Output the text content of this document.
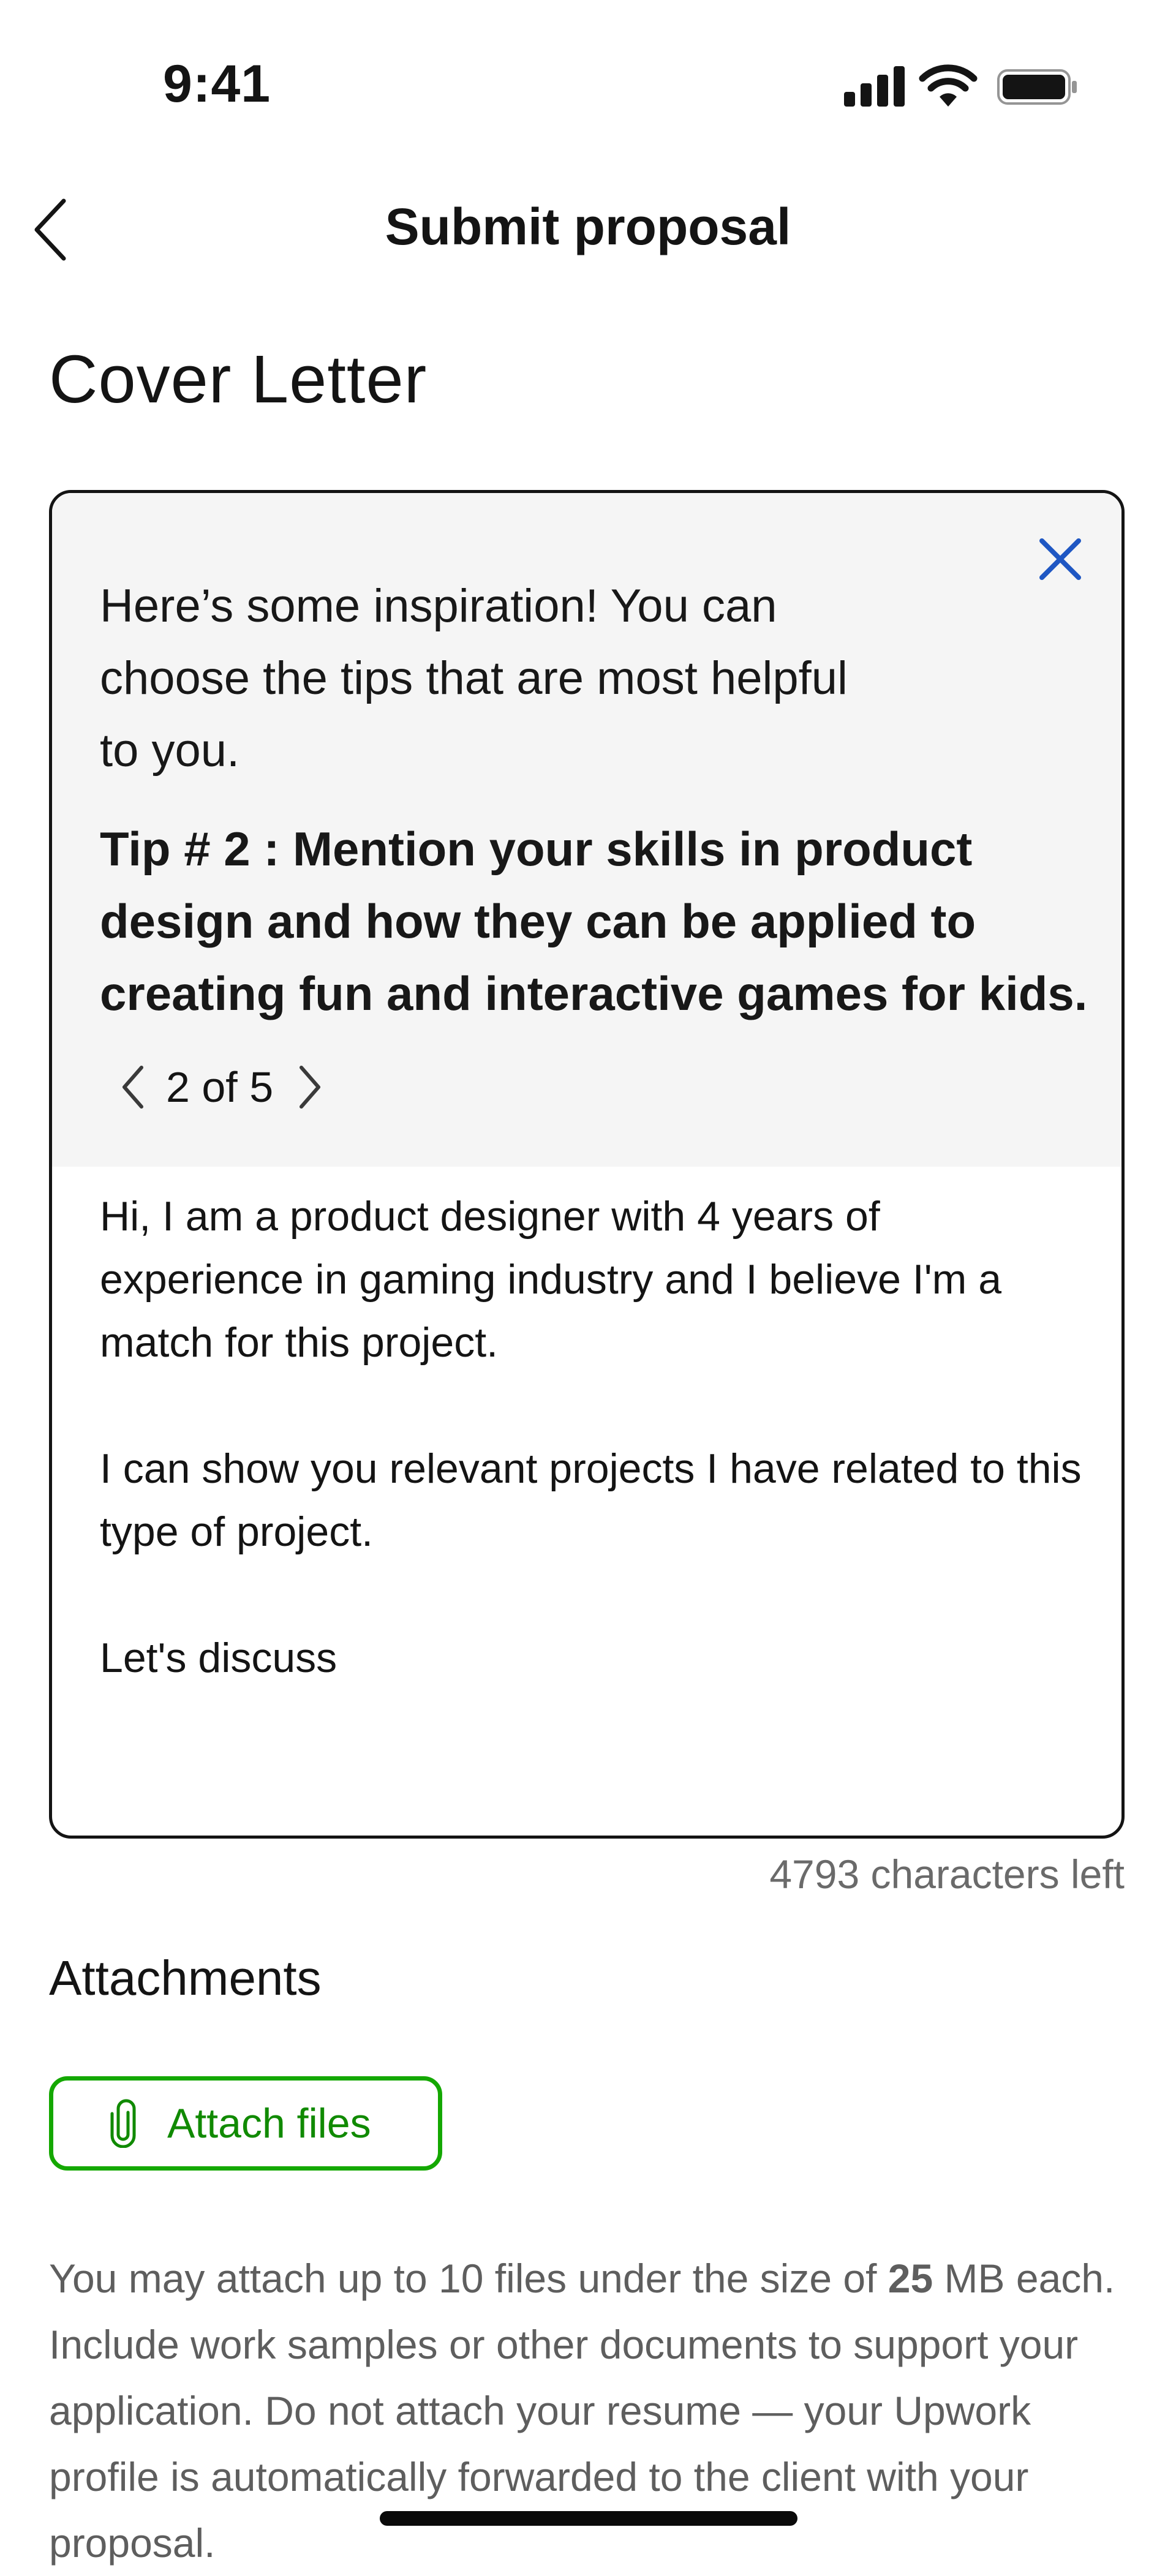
9:41
Submit proposal
Cover Letter
Here’s some inspiration! You can choose the tips that are most helpful to you.
Tip # 2 : Mention your skills in product design and how they can be applied to creating fun and interactive games for kids.
2 of 5
Hi, I am a product designer with 4 years of experience in gaming industry and I believe I'm a match for this project.

I can show you relevant projects I have related to this type of project.

Let's discuss
4793 characters left
Attachments
Attach files
You may attach up to 10 files under the size of 25 MB each. Include work samples or other documents to support your application. Do not attach your resume — your Upwork profile is automatically forwarded to the client with your proposal.
